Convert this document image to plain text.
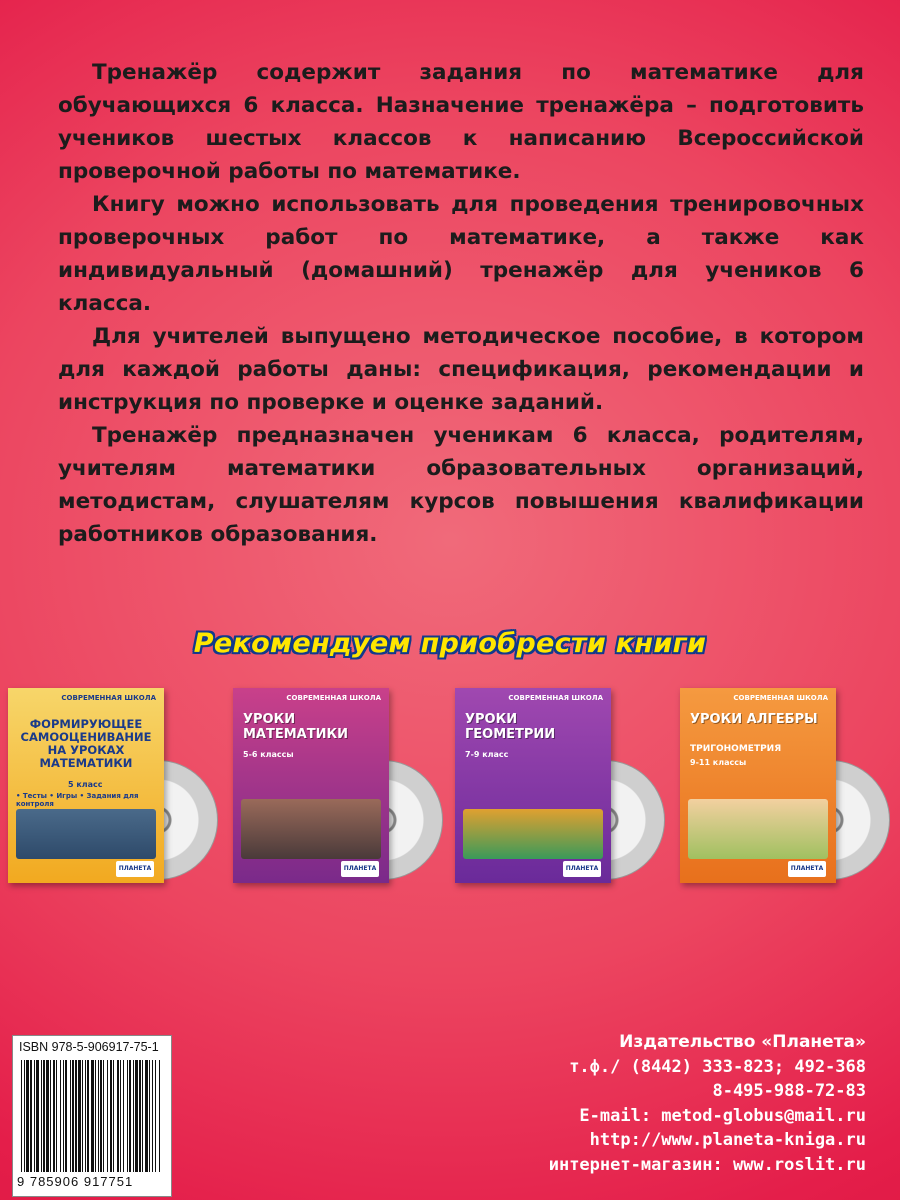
Тренажёр содержит задания по математике для обучающихся 6 класса. Назначение тренажёра – подготовить учеников шестых классов к написанию Всероссийской проверочной работы по математике.

Книгу можно использовать для проведения тренировочных проверочных работ по математике, а также как индивидуальный (домашний) тренажёр для учеников 6 класса.

Для учителей выпущено методическое пособие, в котором для каждой работы даны: спецификация, рекомендации и инструкция по проверке и оценке заданий.

Тренажёр предназначен ученикам 6 класса, родителям, учителям математики образовательных организаций, методистам, слушателям курсов повышения квалификации работников образования.

Рекомендуем приобрести книги
СОВРЕМЕННАЯ ШКОЛА
ФОРМИРУЮЩЕЕ САМООЦЕНИВАНИЕ НА УРОКАХ МАТЕМАТИКИ
5 класс
• Тесты • Игры • Задания для контроля
ПЛАНЕТА
СОВРЕМЕННАЯ ШКОЛА
УРОКИ МАТЕМАТИКИ
5-6 классы
ПЛАНЕТА
СОВРЕМЕННАЯ ШКОЛА
УРОКИ ГЕОМЕТРИИ
7-9 класс
ПЛАНЕТА
СОВРЕМЕННАЯ ШКОЛА
УРОКИ АЛГЕБРЫ
ТРИГОНОМЕТРИЯ
9-11 классы
ПЛАНЕТА
ISBN 978-5-906917-75-1
9 785906 917751
Издательство «Планета»
т.ф./ (8442) 333-823; 492-368
8-495-988-72-83
E-mail: metod-globus@mail.ru
http://www.planeta-kniga.ru
интернет-магазин: www.roslit.ru
